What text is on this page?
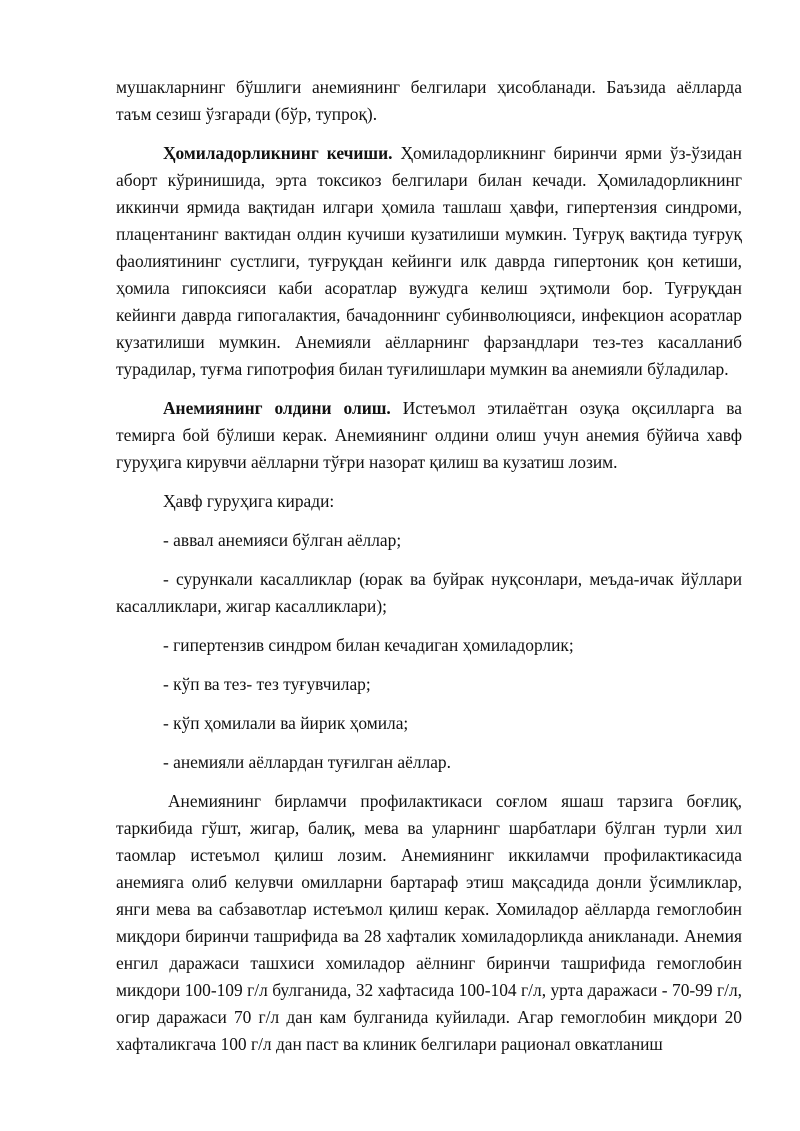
мушакларнинг бўшлиги анемиянинг белгилари ҳисобланади. Баъзида аёлларда таъм сезиш ўзгаради (бўр, тупроқ).

Ҳомиладорликнинг кечиши. Ҳомиладорликнинг биринчи ярми ўз-ўзидан аборт кўринишида, эрта токсикоз белгилари билан кечади. Ҳомиладорликнинг иккинчи ярмида вақтидан илгари ҳомила ташлаш ҳавфи, гипертензия синдроми, плацентанинг вактидан олдин кучиши кузатилиши мумкин. Туғруқ вақтида туғруқ фаолиятининг сустлиги, туғруқдан кейинги илк даврда гипертоник қон кетиши, ҳомила гипоксияси каби асоратлар вужудга келиш эҳтимоли бор. Туғруқдан кейинги даврда гипогалактия, бачадоннинг субинволюцияси, инфекцион асоратлар кузатилиши мумкин. Анемияли аёлларнинг фарзандлари тез-тез касалланиб турадилар, туғма гипотрофия билан туғилишлари мумкин ва анемияли бўладилар.

Анемиянинг олдини олиш. Истеъмол этилаётган озуқа оқсилларга ва темирга бой бўлиши керак. Анемиянинг олдини олиш учун анемия бўйича хавф гуруҳига кирувчи аёлларни тўғри назорат қилиш ва кузатиш лозим.

Ҳавф гуруҳига киради:

- аввал анемияси бўлган аёллар;

- сурункали касалликлар (юрак ва буйрак нуқсонлари, меъда-ичак йўллари касалликлари, жигар касалликлари);

- гипертензив синдром билан кечадиган ҳомиладорлик;

- кўп ва тез- тез туғувчилар;

- кўп ҳомилали ва йирик ҳомила;

- анемияли аёллардан туғилган аёллар.

Анемиянинг бирламчи профилактикаси соғлом яшаш тарзига боғлиқ, таркибида гўшт, жигар, балиқ, мева ва уларнинг шарбатлари бўлган турли хил таомлар истеъмол қилиш лозим. Анемиянинг иккиламчи профилактикасида анемияга олиб келувчи омилларни бартараф этиш мақсадида донли ўсимликлар, янги мева ва сабзавотлар истеъмол қилиш керак. Хомиладор аёлларда гемоглобин миқдори биринчи ташрифида ва 28 хафталик хомиладорликда аникланади. Анемия енгил даражаси ташхиси хомиладор аёлнинг биринчи ташрифида гемоглобин микдори 100-109 г/л булганида, 32 хафтасида 100-104 г/л, урта даражаси - 70-99 г/л, огир даражаси 70 г/л дан кам булганида куйилади. Агар гемоглобин миқдори 20 хафталикгача 100 г/л дан паст ва клиник белгилари рационал овкатланиш
